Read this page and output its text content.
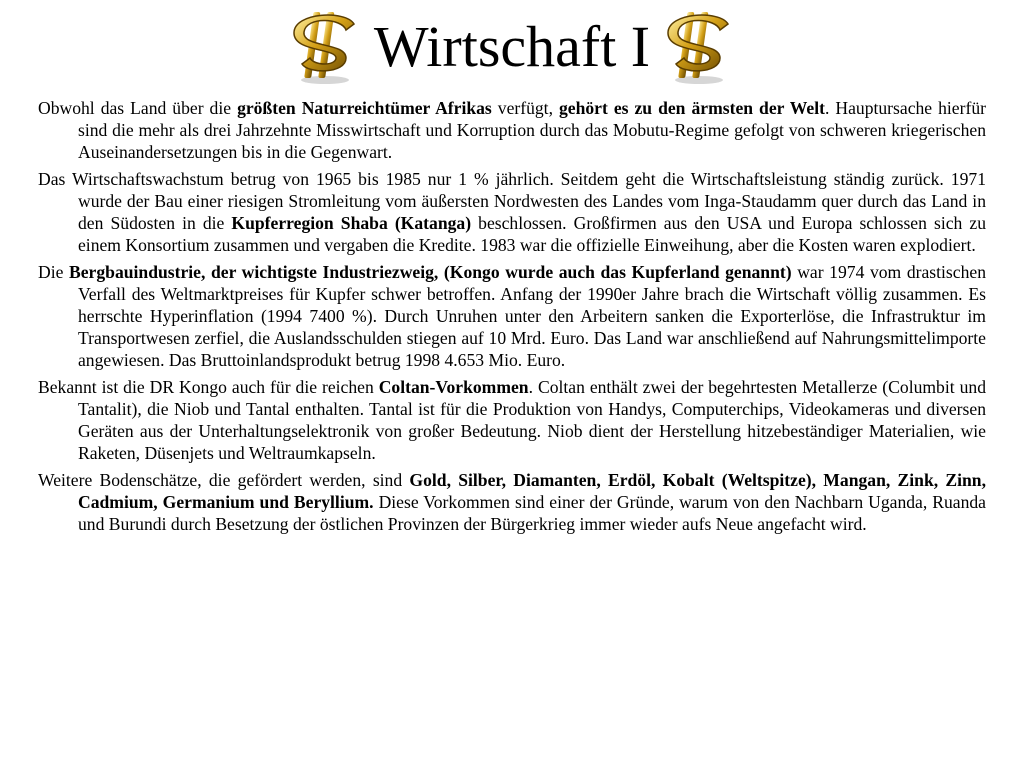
Wirtschaft I

Obwohl das Land über die größten Naturreichtümer Afrikas verfügt, gehört es zu den ärmsten der Welt. Hauptursache hierfür sind die mehr als drei Jahrzehnte Misswirtschaft und Korruption durch das Mobutu-Regime gefolgt von schweren kriegerischen Auseinandersetzungen bis in die Gegenwart.

Das Wirtschaftswachstum betrug von 1965 bis 1985 nur 1 % jährlich. Seitdem geht die Wirtschaftsleistung ständig zurück. 1971 wurde der Bau einer riesigen Stromleitung vom äußersten Nordwesten des Landes vom Inga-Staudamm quer durch das Land in den Südosten in die Kupferregion Shaba (Katanga) beschlossen. Großfirmen aus den USA und Europa schlossen sich zu einem Konsortium zusammen und vergaben die Kredite. 1983 war die offizielle Einweihung, aber die Kosten waren explodiert.

Die Bergbauindustrie, der wichtigste Industriezweig, (Kongo wurde auch das Kupferland genannt) war 1974 vom drastischen Verfall des Weltmarktpreises für Kupfer schwer betroffen. Anfang der 1990er Jahre brach die Wirtschaft völlig zusammen. Es herrschte Hyperinflation (1994 7400 %). Durch Unruhen unter den Arbeitern sanken die Exporterlöse, die Infrastruktur im Transportwesen zerfiel, die Auslandsschulden stiegen auf 10 Mrd. Euro. Das Land war anschließend auf Nahrungsmittelimporte angewiesen. Das Bruttoinlandsprodukt betrug 1998 4.653 Mio. Euro.

Bekannt ist die DR Kongo auch für die reichen Coltan-Vorkommen. Coltan enthält zwei der begehrtesten Metallerze (Columbit und Tantalit), die Niob und Tantal enthalten. Tantal ist für die Produktion von Handys, Computerchips, Videokameras und diversen Geräten aus der Unterhaltungselektronik von großer Bedeutung. Niob dient der Herstellung hitzebeständiger Materialien, wie Raketen, Düsenjets und Weltraumkapseln.

Weitere Bodenschätze, die gefördert werden, sind Gold, Silber, Diamanten, Erdöl, Kobalt (Weltspitze), Mangan, Zink, Zinn, Cadmium, Germanium und Beryllium. Diese Vorkommen sind einer der Gründe, warum von den Nachbarn Uganda, Ruanda und Burundi durch Besetzung der östlichen Provinzen der Bürgerkrieg immer wieder aufs Neue angefacht wird.
